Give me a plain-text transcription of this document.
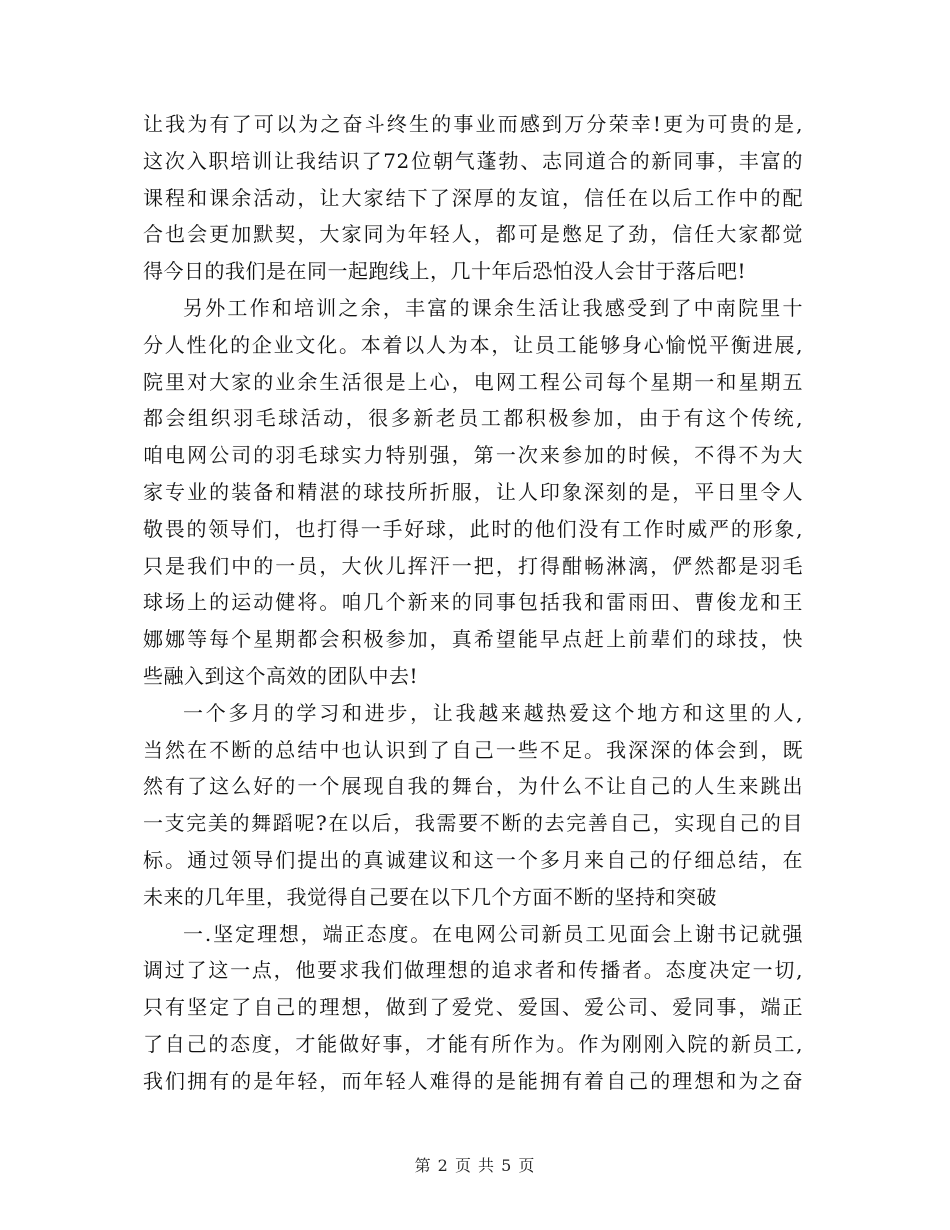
让我为有了可以为之奋斗终生的事业而感到万分荣幸!更为可贵的是,
这次入职培训让我结识了72位朝气蓬勃、志同道合的新同事，丰富的
课程和课余活动，让大家结下了深厚的友谊，信任在以后工作中的配
合也会更加默契，大家同为年轻人，都可是憋足了劲，信任大家都觉
得今日的我们是在同一起跑线上，几十年后恐怕没人会甘于落后吧!
另外工作和培训之余，丰富的课余生活让我感受到了中南院里十
分人性化的企业文化。本着以人为本，让员工能够身心愉悦平衡进展,
院里对大家的业余生活很是上心，电网工程公司每个星期一和星期五
都会组织羽毛球活动，很多新老员工都积极参加，由于有这个传统,
咱电网公司的羽毛球实力特别强，第一次来参加的时候，不得不为大
家专业的装备和精湛的球技所折服，让人印象深刻的是，平日里令人
敬畏的领导们，也打得一手好球，此时的他们没有工作时威严的形象,
只是我们中的一员，大伙儿挥汗一把，打得酣畅淋漓，俨然都是羽毛
球场上的运动健将。咱几个新来的同事包括我和雷雨田、曹俊龙和王
娜娜等每个星期都会积极参加，真希望能早点赶上前辈们的球技，快
些融入到这个高效的团队中去!
一个多月的学习和进步，让我越来越热爱这个地方和这里的人,
当然在不断的总结中也认识到了自己一些不足。我深深的体会到，既
然有了这么好的一个展现自我的舞台，为什么不让自己的人生来跳出
一支完美的舞蹈呢?在以后，我需要不断的去完善自己，实现自己的目
标。通过领导们提出的真诚建议和这一个多月来自己的仔细总结，在
未来的几年里，我觉得自己要在以下几个方面不断的坚持和突破
一.坚定理想，端正态度。在电网公司新员工见面会上谢书记就强
调过了这一点，他要求我们做理想的追求者和传播者。态度决定一切,
只有坚定了自己的理想，做到了爱党、爱国、爱公司、爱同事，端正
了自己的态度，才能做好事，才能有所作为。作为刚刚入院的新员工,
我们拥有的是年轻，而年轻人难得的是能拥有着自己的理想和为之奋
第 2 页 共 5 页
